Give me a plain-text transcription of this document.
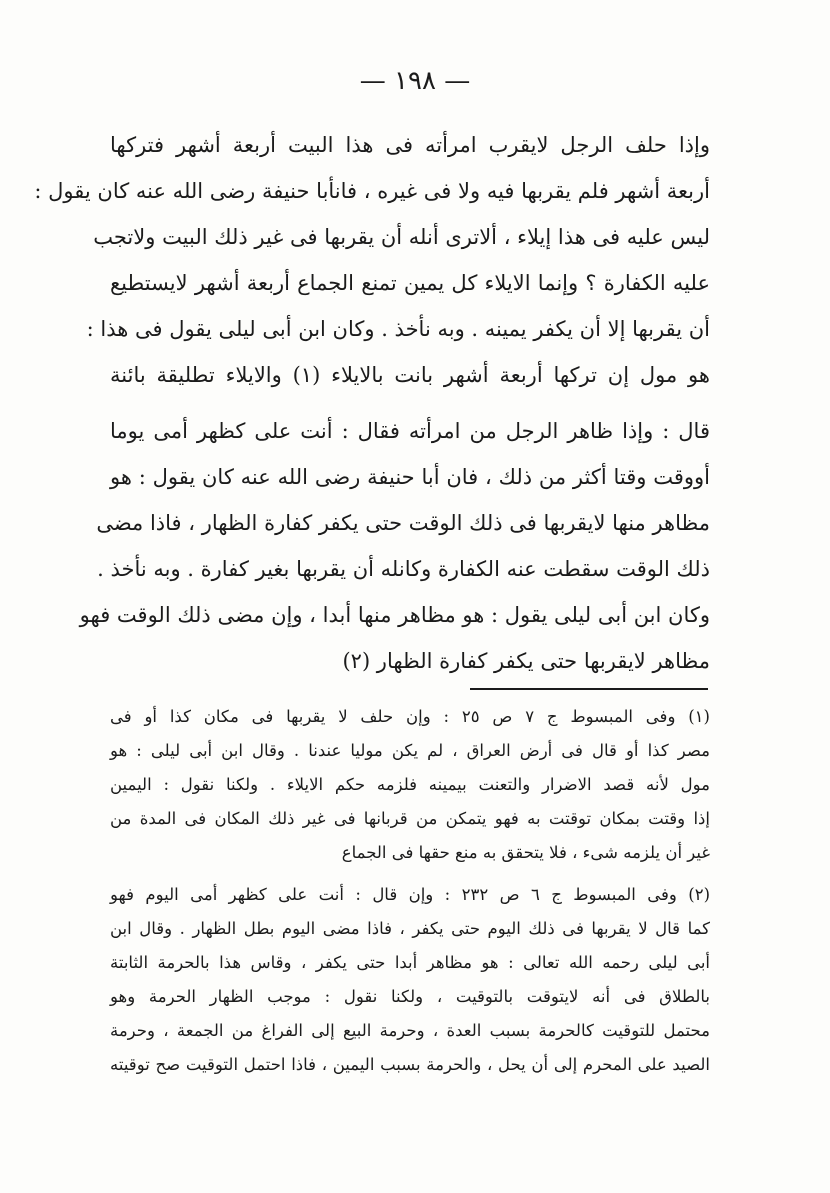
— ١٩٨ —
وإذا حلف الرجل لايقرب امرأته فى هذا البيت أربعة أشهر فتركها
أربعة أشهر فلم يقربها فيه ولا فى غيره ، فانأبا حنيفة رضى الله عنه كان يقول :
ليس عليه فى هذا إيلاء ، ألاترى أنله أن يقربها فى غير ذلك البيت ولاتجب
عليه الكفارة ؟ وإنما الايلاء كل يمين تمنع الجماع أربعة أشهر لايستطيع
أن يقربها إلا أن يكفر يمينه . وبه نأخذ . وكان ابن أبى ليلى يقول فى هذا :
هو مول إن تركها أربعة أشهر بانت بالايلاء (١) والايلاء تطليقة بائنة
قال : وإذا ظاهر الرجل من امرأته فقال : أنت على كظهر أمى يوما
أووقت وقتا أكثر من ذلك ، فان أبا حنيفة رضى الله عنه كان يقول : هو
مظاهر منها لايقربها فى ذلك الوقت حتى يكفر كفارة الظهار ، فاذا مضى
ذلك الوقت سقطت عنه الكفارة وكانله أن يقربها بغير كفارة . وبه نأخذ .
وكان ابن أبى ليلى يقول : هو مظاهر منها أبدا ، وإن مضى ذلك الوقت فهو
مظاهر لايقربها حتى يكفر كفارة الظهار (٢)
(١) وفى المبسوط ج ٧ ص ٢٥ : وإن حلف لا يقربها فى مكان كذا أو فى
مصر كذا أو قال فى أرض العراق ، لم يكن موليا عندنا . وقال ابن أبى ليلى : هو
مول لأنه قصد الاضرار والتعنت بيمينه فلزمه حكم الايلاء . ولكنا نقول : اليمين
إذا وقتت بمكان توقتت به فهو يتمكن من قربانها فى غير ذلك المكان فى المدة من
غير أن يلزمه شىء ، فلا يتحقق به منع حقها فى الجماع
(٢) وفى المبسوط ج ٦ ص ٢٣٢ : وإن قال : أنت على كظهر أمى اليوم فهو
كما قال لا يقربها فى ذلك اليوم حتى يكفر ، فاذا مضى اليوم بطل الظهار . وقال ابن
أبى ليلى رحمه الله تعالى : هو مظاهر أبدا حتى يكفر ، وقاس هذا بالحرمة الثابتة
بالطلاق فى أنه لايتوقت بالتوقيت ، ولكنا نقول : موجب الظهار الحرمة وهو
محتمل للتوقيت كالحرمة بسبب العدة ، وحرمة البيع إلى الفراغ من الجمعة ، وحرمة
الصيد على المحرم إلى أن يحل ، والحرمة بسبب اليمين ، فاذا احتمل التوقيت صح توقيته
